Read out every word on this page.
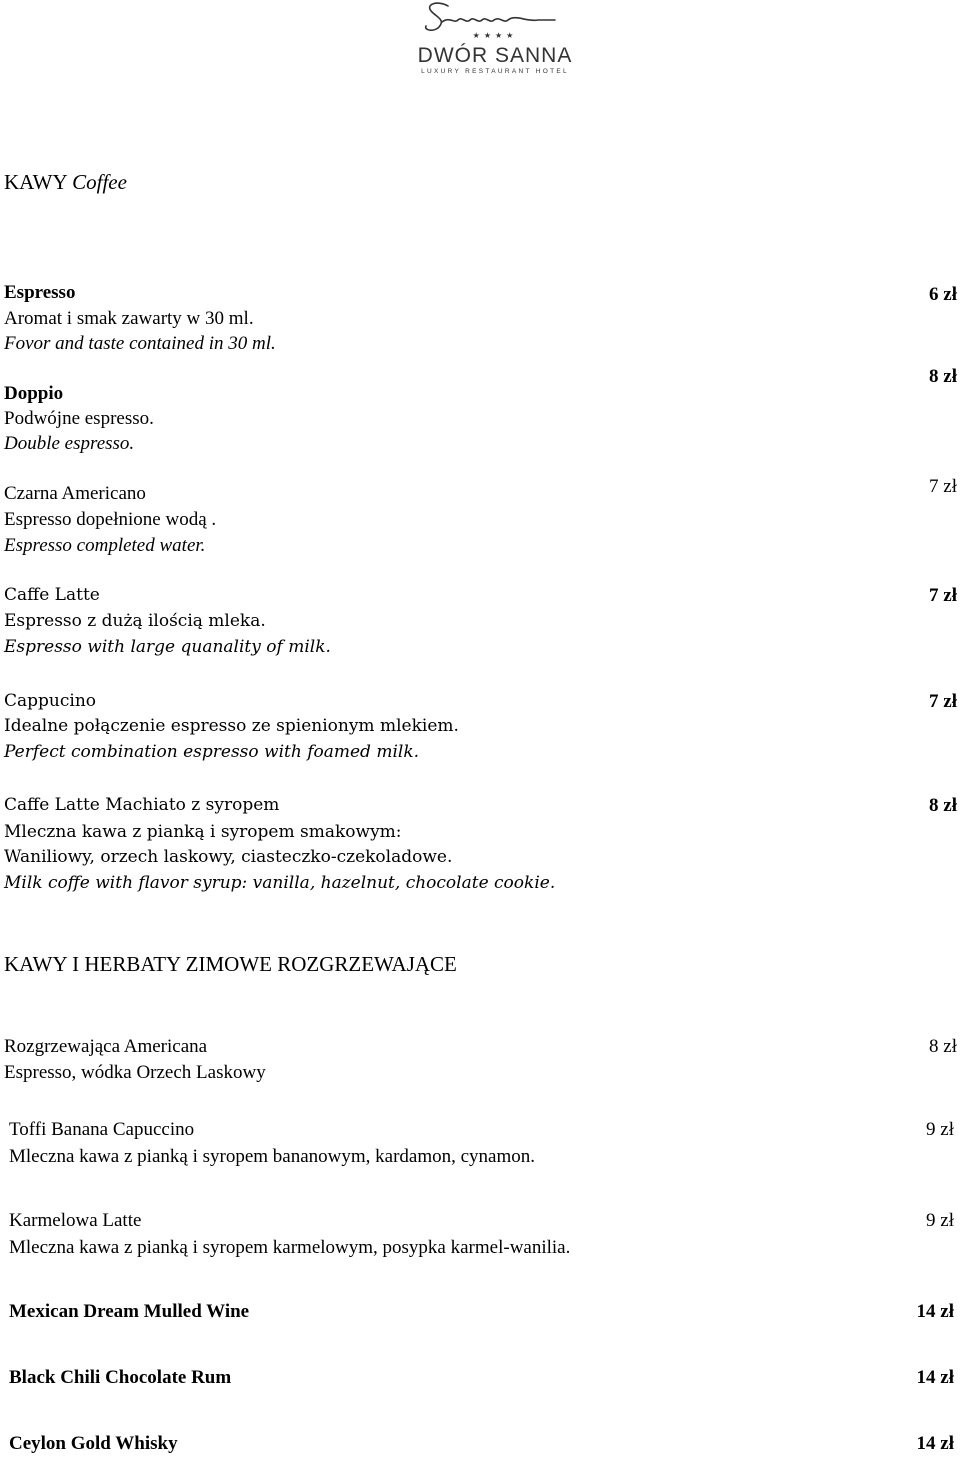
★★★★
DWÓR SANNA
LUXURY RESTAURANT HOTEL
KAWY Coffee
Espresso
Aromat i smak zawarty w 30 ml.
Fovor and taste contained in 30 ml.
6 zł
Doppio
Podwójne espresso.
Double espresso.
8 zł
Czarna Americano
Espresso dopełnione wodą .
Espresso completed water.
7 zł
Caffe Latte
Espresso z dużą ilością mleka.
Espresso with large quanality of milk.
7 zł
Cappucino
Idealne połączenie espresso ze spienionym mlekiem.
Perfect combination espresso with foamed milk.
7 zł
Caffe Latte Machiato z syropem
Mleczna kawa z pianką i syropem smakowym:
Waniliowy, orzech laskowy, ciasteczko-czekoladowe.
Milk coffe with flavor syrup: vanilla, hazelnut, chocolate cookie.
8 zł
KAWY I HERBATY ZIMOWE ROZGRZEWAJĄCE
Rozgrzewająca Americana
Espresso, wódka Orzech Laskowy
8 zł
Toffi Banana Capuccino
Mleczna kawa z pianką i syropem bananowym, kardamon, cynamon.
9 zł
Karmelowa Latte
Mleczna kawa z pianką i syropem karmelowym, posypka karmel-wanilia.
9 zł
Mexican Dream Mulled Wine	14 zł
Black Chili Chocolate Rum	14 zł
Ceylon Gold Whisky	14 zł
